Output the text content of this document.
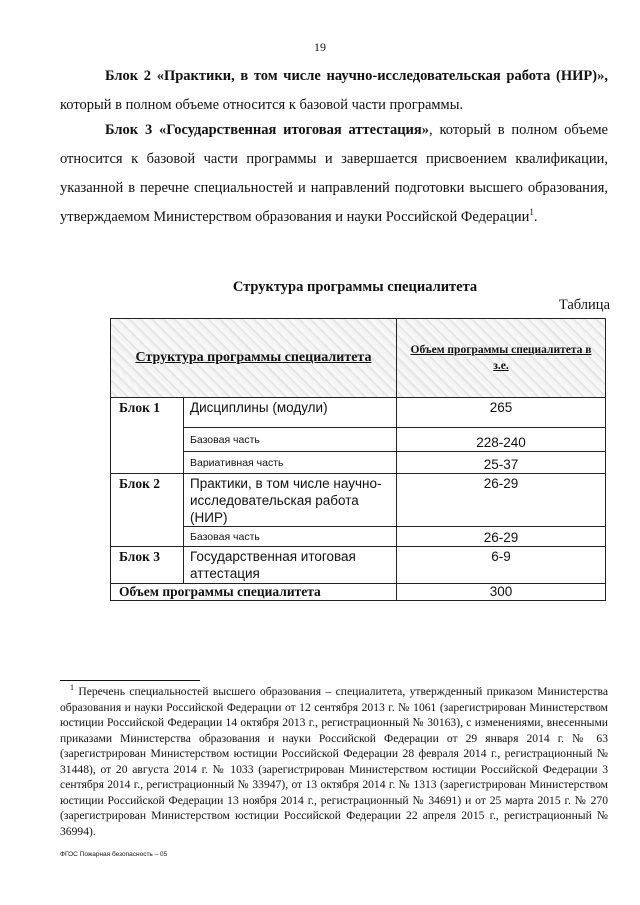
19
Блок 2 «Практики, в том числе научно-исследовательская работа (НИР)», который в полном объеме относится к базовой части программы.
Блок 3 «Государственная итоговая аттестация», который в полном объеме относится к базовой части программы и завершается присвоением квалификации, указанной в перечне специальностей и направлений подготовки высшего образования, утверждаемом Министерством образования и науки Российской Федерации$^1$.
Структура программы специалитета
Таблица
Структура программы специалитета		Объем программы специалитета в з.е.
Блок 1	Дисциплины (модули)	265
	Базовая часть	228-240
	Вариативная часть	25-37
Блок 2	Практики, в том числе научно-исследовательская работа (НИР)	26-29
	Базовая часть	26-29
Блок 3	Государственная итоговая аттестация	6-9
Объем программы специалитета		300
$^1$ Перечень специальностей высшего образования – специалитета, утвержденный приказом Министерства образования и науки Российской Федерации от 12 сентября 2013 г. № 1061 (зарегистрирован Министерством юстиции Российской Федерации 14 октября 2013 г., регистрационный № 30163), с изменениями, внесенными приказами Министерства образования и науки Российской Федерации от 29 января 2014 г. № 63 (зарегистрирован Министерством юстиции Российской Федерации 28 февраля 2014 г., регистрационный № 31448), от 20 августа 2014 г. № 1033 (зарегистрирован Министерством юстиции Российской Федерации 3 сентября 2014 г., регистрационный № 33947), от 13 октября 2014 г. № 1313 (зарегистрирован Министерством юстиции Российской Федерации 13 ноября 2014 г., регистрационный № 34691) и от 25 марта 2015 г. № 270 (зарегистрирован Министерством юстиции Российской Федерации 22 апреля 2015 г., регистрационный № 36994).
ФГОС Пожарная безопасность – 05
